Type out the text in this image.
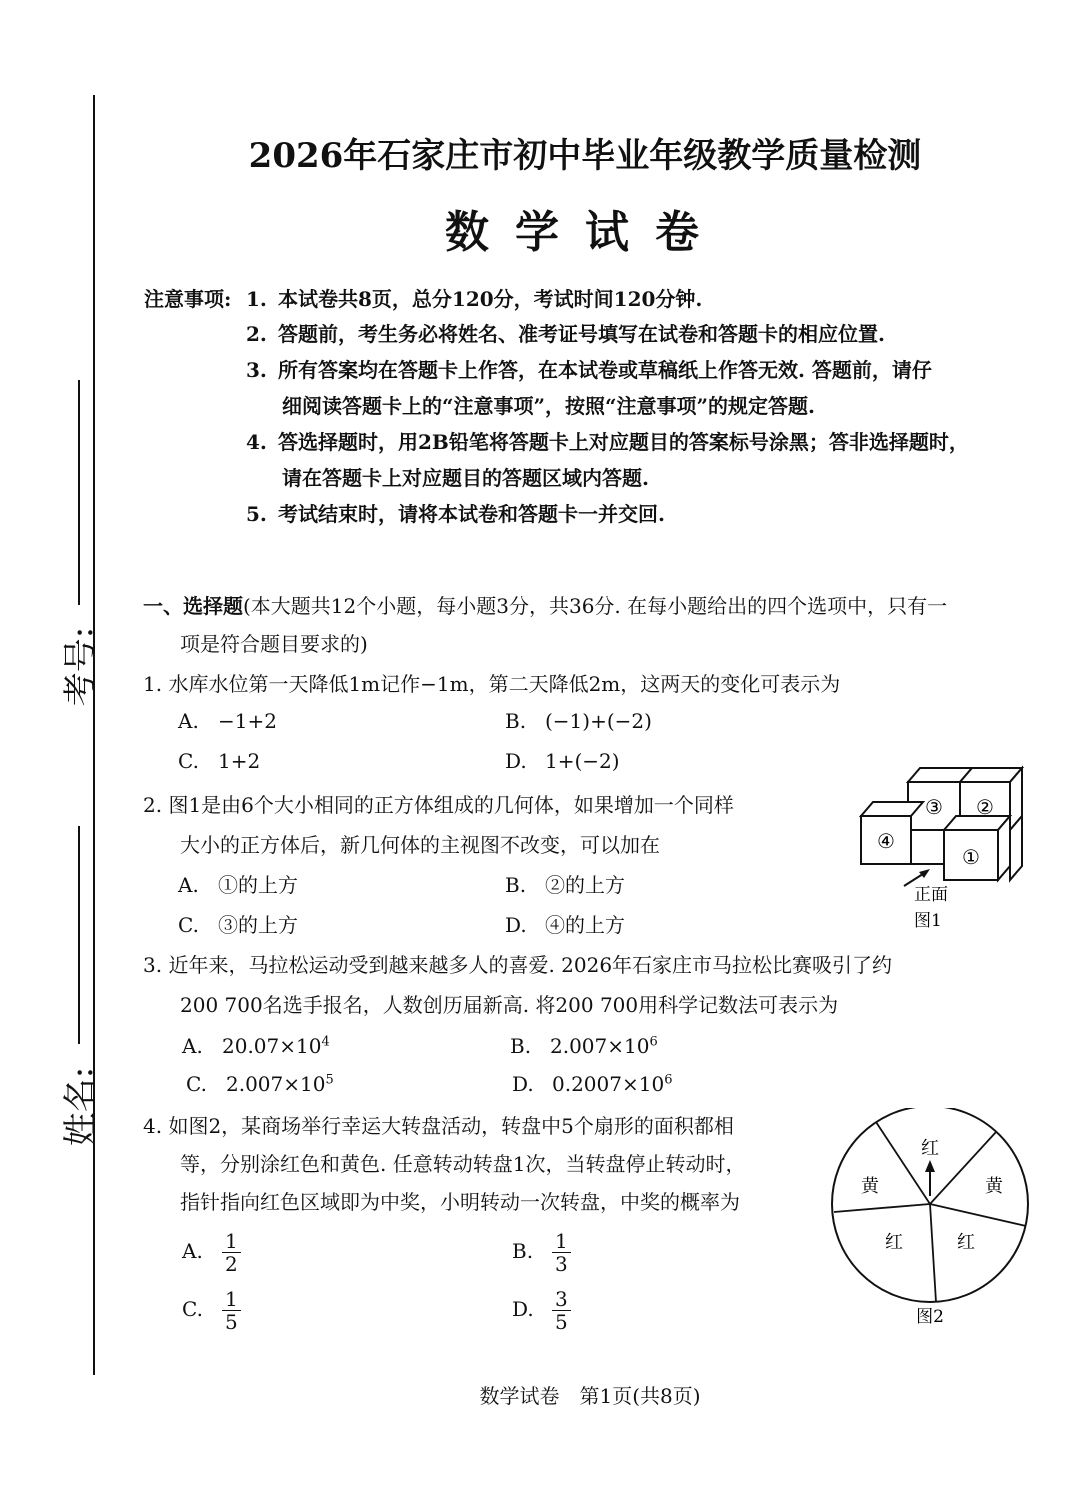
考号:
姓名:
2026年石家庄市初中毕业年级教学质量检测
数学试卷
注意事项: 1. 本试卷共8页，总分120分，考试时间120分钟.
2. 答题前，考生务必将姓名、准考证号填写在试卷和答题卡的相应位置.
3. 所有答案均在答题卡上作答，在本试卷或草稿纸上作答无效. 答题前，请仔
细阅读答题卡上的“注意事项”，按照“注意事项”的规定答题.
4. 答选择题时，用2B铅笔将答题卡上对应题目的答案标号涂黑；答非选择题时，
请在答题卡上对应题目的答题区域内答题.
5. 考试结束时，请将本试卷和答题卡一并交回.
一、选择题(本大题共12个小题，每小题3分，共36分. 在每小题给出的四个选项中，只有一
项是符合题目要求的)
1. 水库水位第一天降低1m记作−1m，第二天降低2m，这两天的变化可表示为
A. −1+2	B. (−1)+(−2)
C. 1+2	D. 1+(−2)
2. 图1是由6个大小相同的正方体组成的几何体，如果增加一个同样
大小的正方体后，新几何体的主视图不改变，可以加在
A. ①的上方	B. ②的上方
C. ③的上方	D. ④的上方
③ ②
④
①
正面
图1
3. 近年来，马拉松运动受到越来越多人的喜爱. 2026年石家庄市马拉松比赛吸引了约
200 700名选手报名，人数创历届新高. 将200 700用科学记数法可表示为
A. $20.07\times 10^4$	B. $2.007\times 10^6$
C. $2.007\times 10^5$	D. $0.2007\times 10^6$
4. 如图2，某商场举行幸运大转盘活动，转盘中5个扇形的面积都相
等，分别涂红色和黄色. 任意转动转盘1次，当转盘停止转动时，
指针指向红色区域即为中奖，小明转动一次转盘，中奖的概率为
A. $\frac{1}{2}$	B. $\frac{1}{3}$
C. $\frac{1}{5}$	D. $\frac{3}{5}$
红
黄
红
红
黄
图2
数学试卷　第1页(共8页)
